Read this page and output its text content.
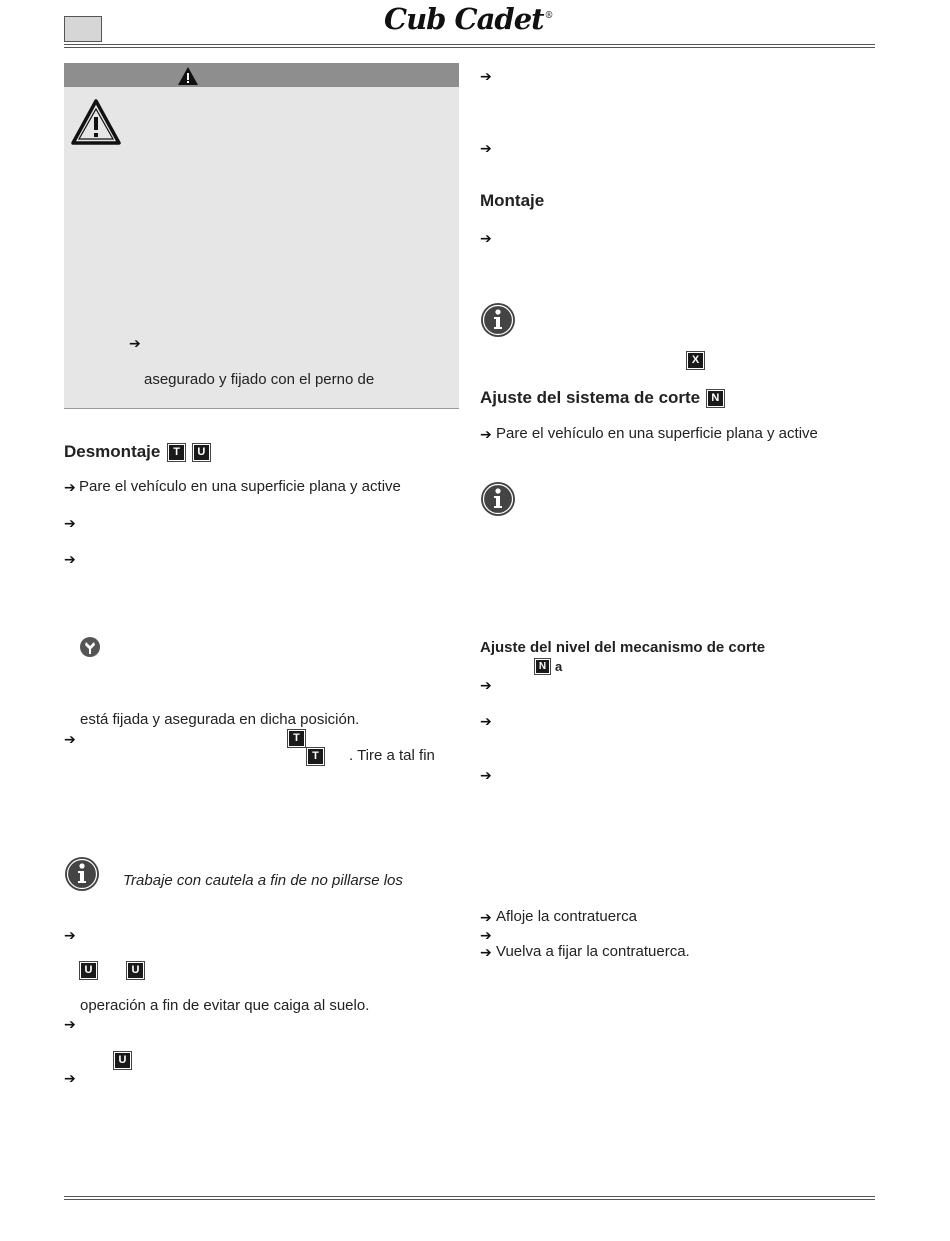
Cub Cadet®
➔
asegurado y fijado con el perno de
Desmontaje T U
➔ Pare el vehículo en una superficie plana y active
➔
➔
está fijada y asegurada en dicha posición.
➔	T
T . Tire a tal fin
Trabaje con cautela a fin de no pillarse los
➔
U	U
operación a fin de evitar que caiga al suelo.
➔
U
➔
➔
➔
Montaje
➔
X
Ajuste del sistema de corte N
➔ Pare el vehículo en una superficie plana y active
Ajuste del nivel del mecanismo de corte
N a
➔
➔
➔
➔ Afloje la contratuerca
➔
➔ Vuelva a fijar la contratuerca.
